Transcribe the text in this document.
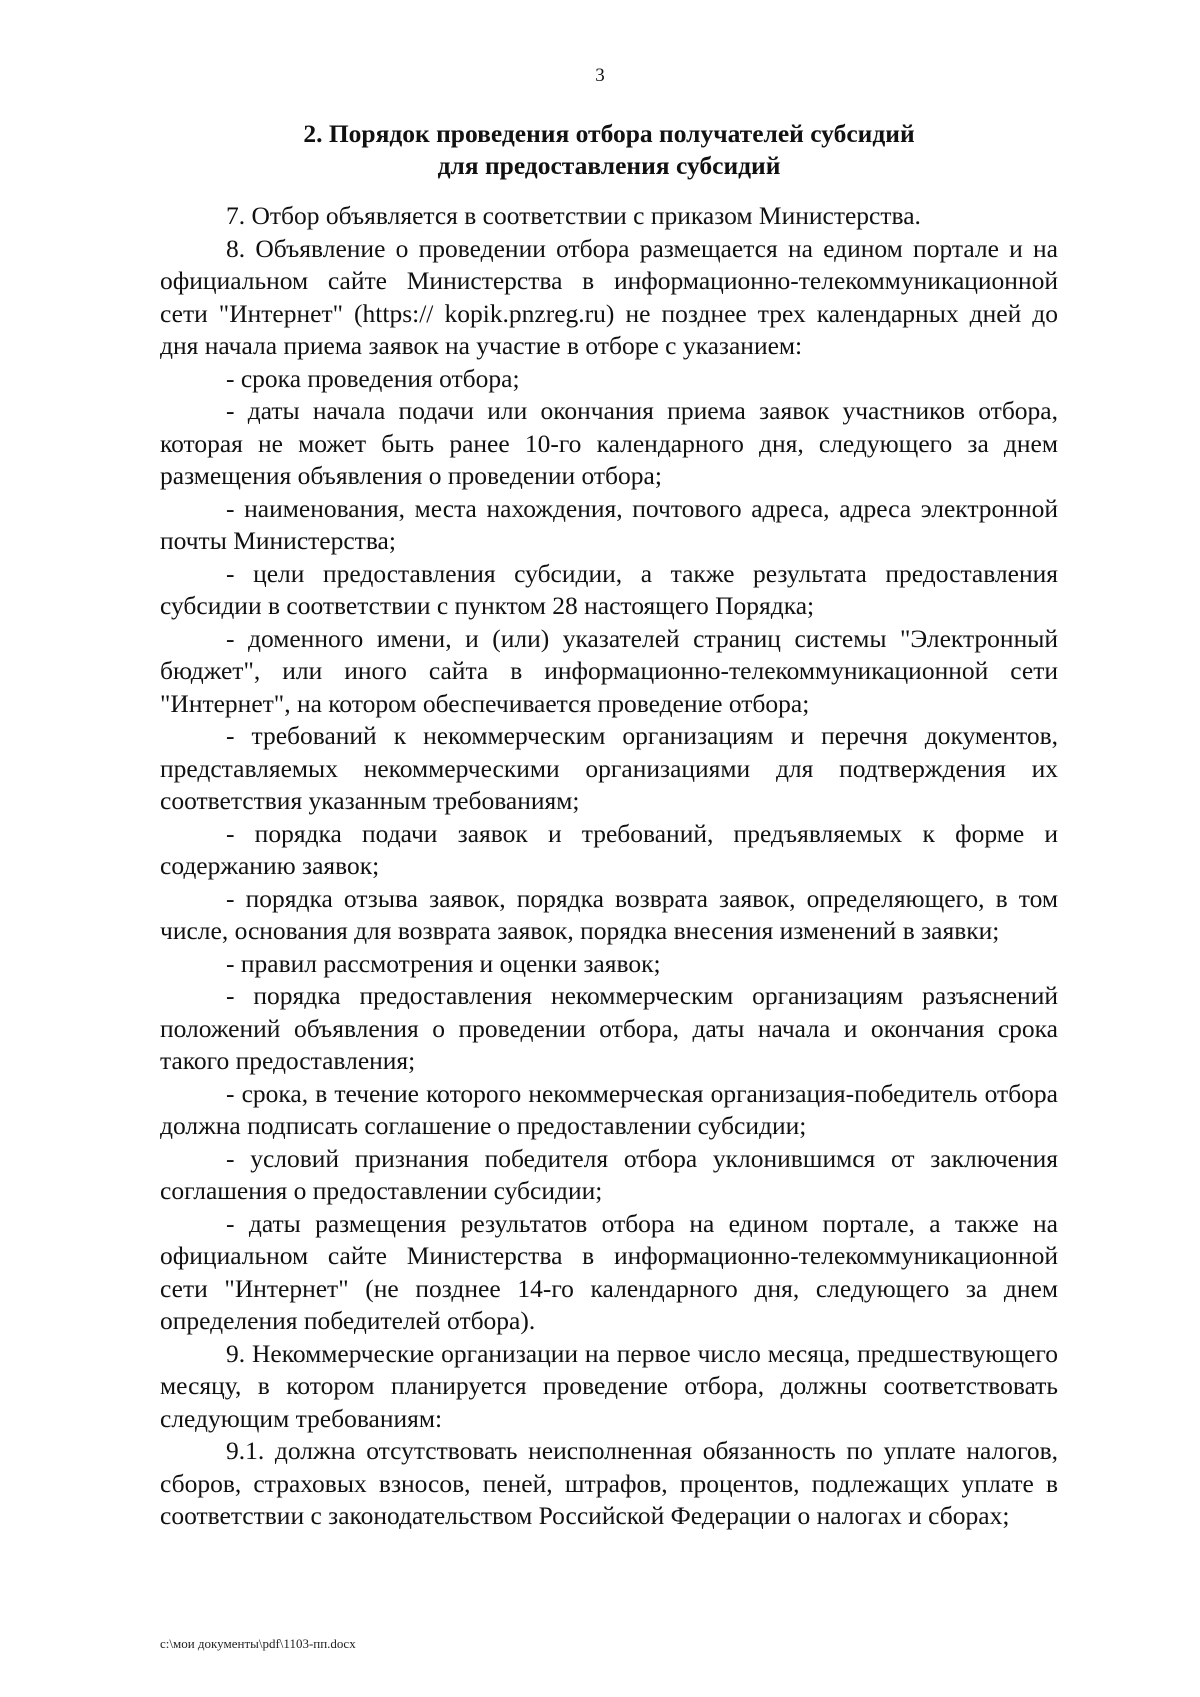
3
2. Порядок проведения отбора получателей субсидий
для предоставления субсидий

7. Отбор объявляется в соответствии с приказом Министерства.

8. Объявление о проведении отбора размещается на едином портале и на официальном сайте Министерства в информационно-телекоммуникационной сети "Интернет" (https:// kopik.pnzreg.ru) не позднее трех календарных дней до дня начала приема заявок на участие в отборе с указанием:

- срока проведения отбора;

- даты начала подачи или окончания приема заявок участников отбора, которая не может быть ранее 10-го календарного дня, следующего за днем размещения объявления о проведении отбора;

- наименования, места нахождения, почтового адреса, адреса электронной почты Министерства;

- цели предоставления субсидии, а также результата предоставления субсидии в соответствии с пунктом 28 настоящего Порядка;

- доменного имени, и (или) указателей страниц системы "Электронный бюджет", или иного сайта в информационно-телекоммуникационной сети "Интернет", на котором обеспечивается проведение отбора;

- требований к некоммерческим организациям и перечня документов, представляемых некоммерческими организациями для подтверждения их соответствия указанным требованиям;

- порядка подачи заявок и требований, предъявляемых к форме и содержанию заявок;

- порядка отзыва заявок, порядка возврата заявок, определяющего, в том числе, основания для возврата заявок, порядка внесения изменений в заявки;

- правил рассмотрения и оценки заявок;

- порядка предоставления некоммерческим организациям разъяснений положений объявления о проведении отбора, даты начала и окончания срока такого предоставления;

- срока, в течение которого некоммерческая организация-победитель отбора должна подписать соглашение о предоставлении субсидии;

- условий признания победителя отбора уклонившимся от заключения соглашения о предоставлении субсидии;

- даты размещения результатов отбора на едином портале, а также на официальном сайте Министерства в информационно-телекоммуникационной сети "Интернет" (не позднее 14-го календарного дня, следующего за днем определения победителей отбора).

9. Некоммерческие организации на первое число месяца, предшествующего месяцу, в котором планируется проведение отбора, должны соответствовать следующим требованиям:

9.1. должна отсутствовать неисполненная обязанность по уплате налогов, сборов, страховых взносов, пеней, штрафов, процентов, подлежащих уплате в соответствии с законодательством Российской Федерации о налогах и сборах;

c:\мои документы\pdf\1103-пп.docx
